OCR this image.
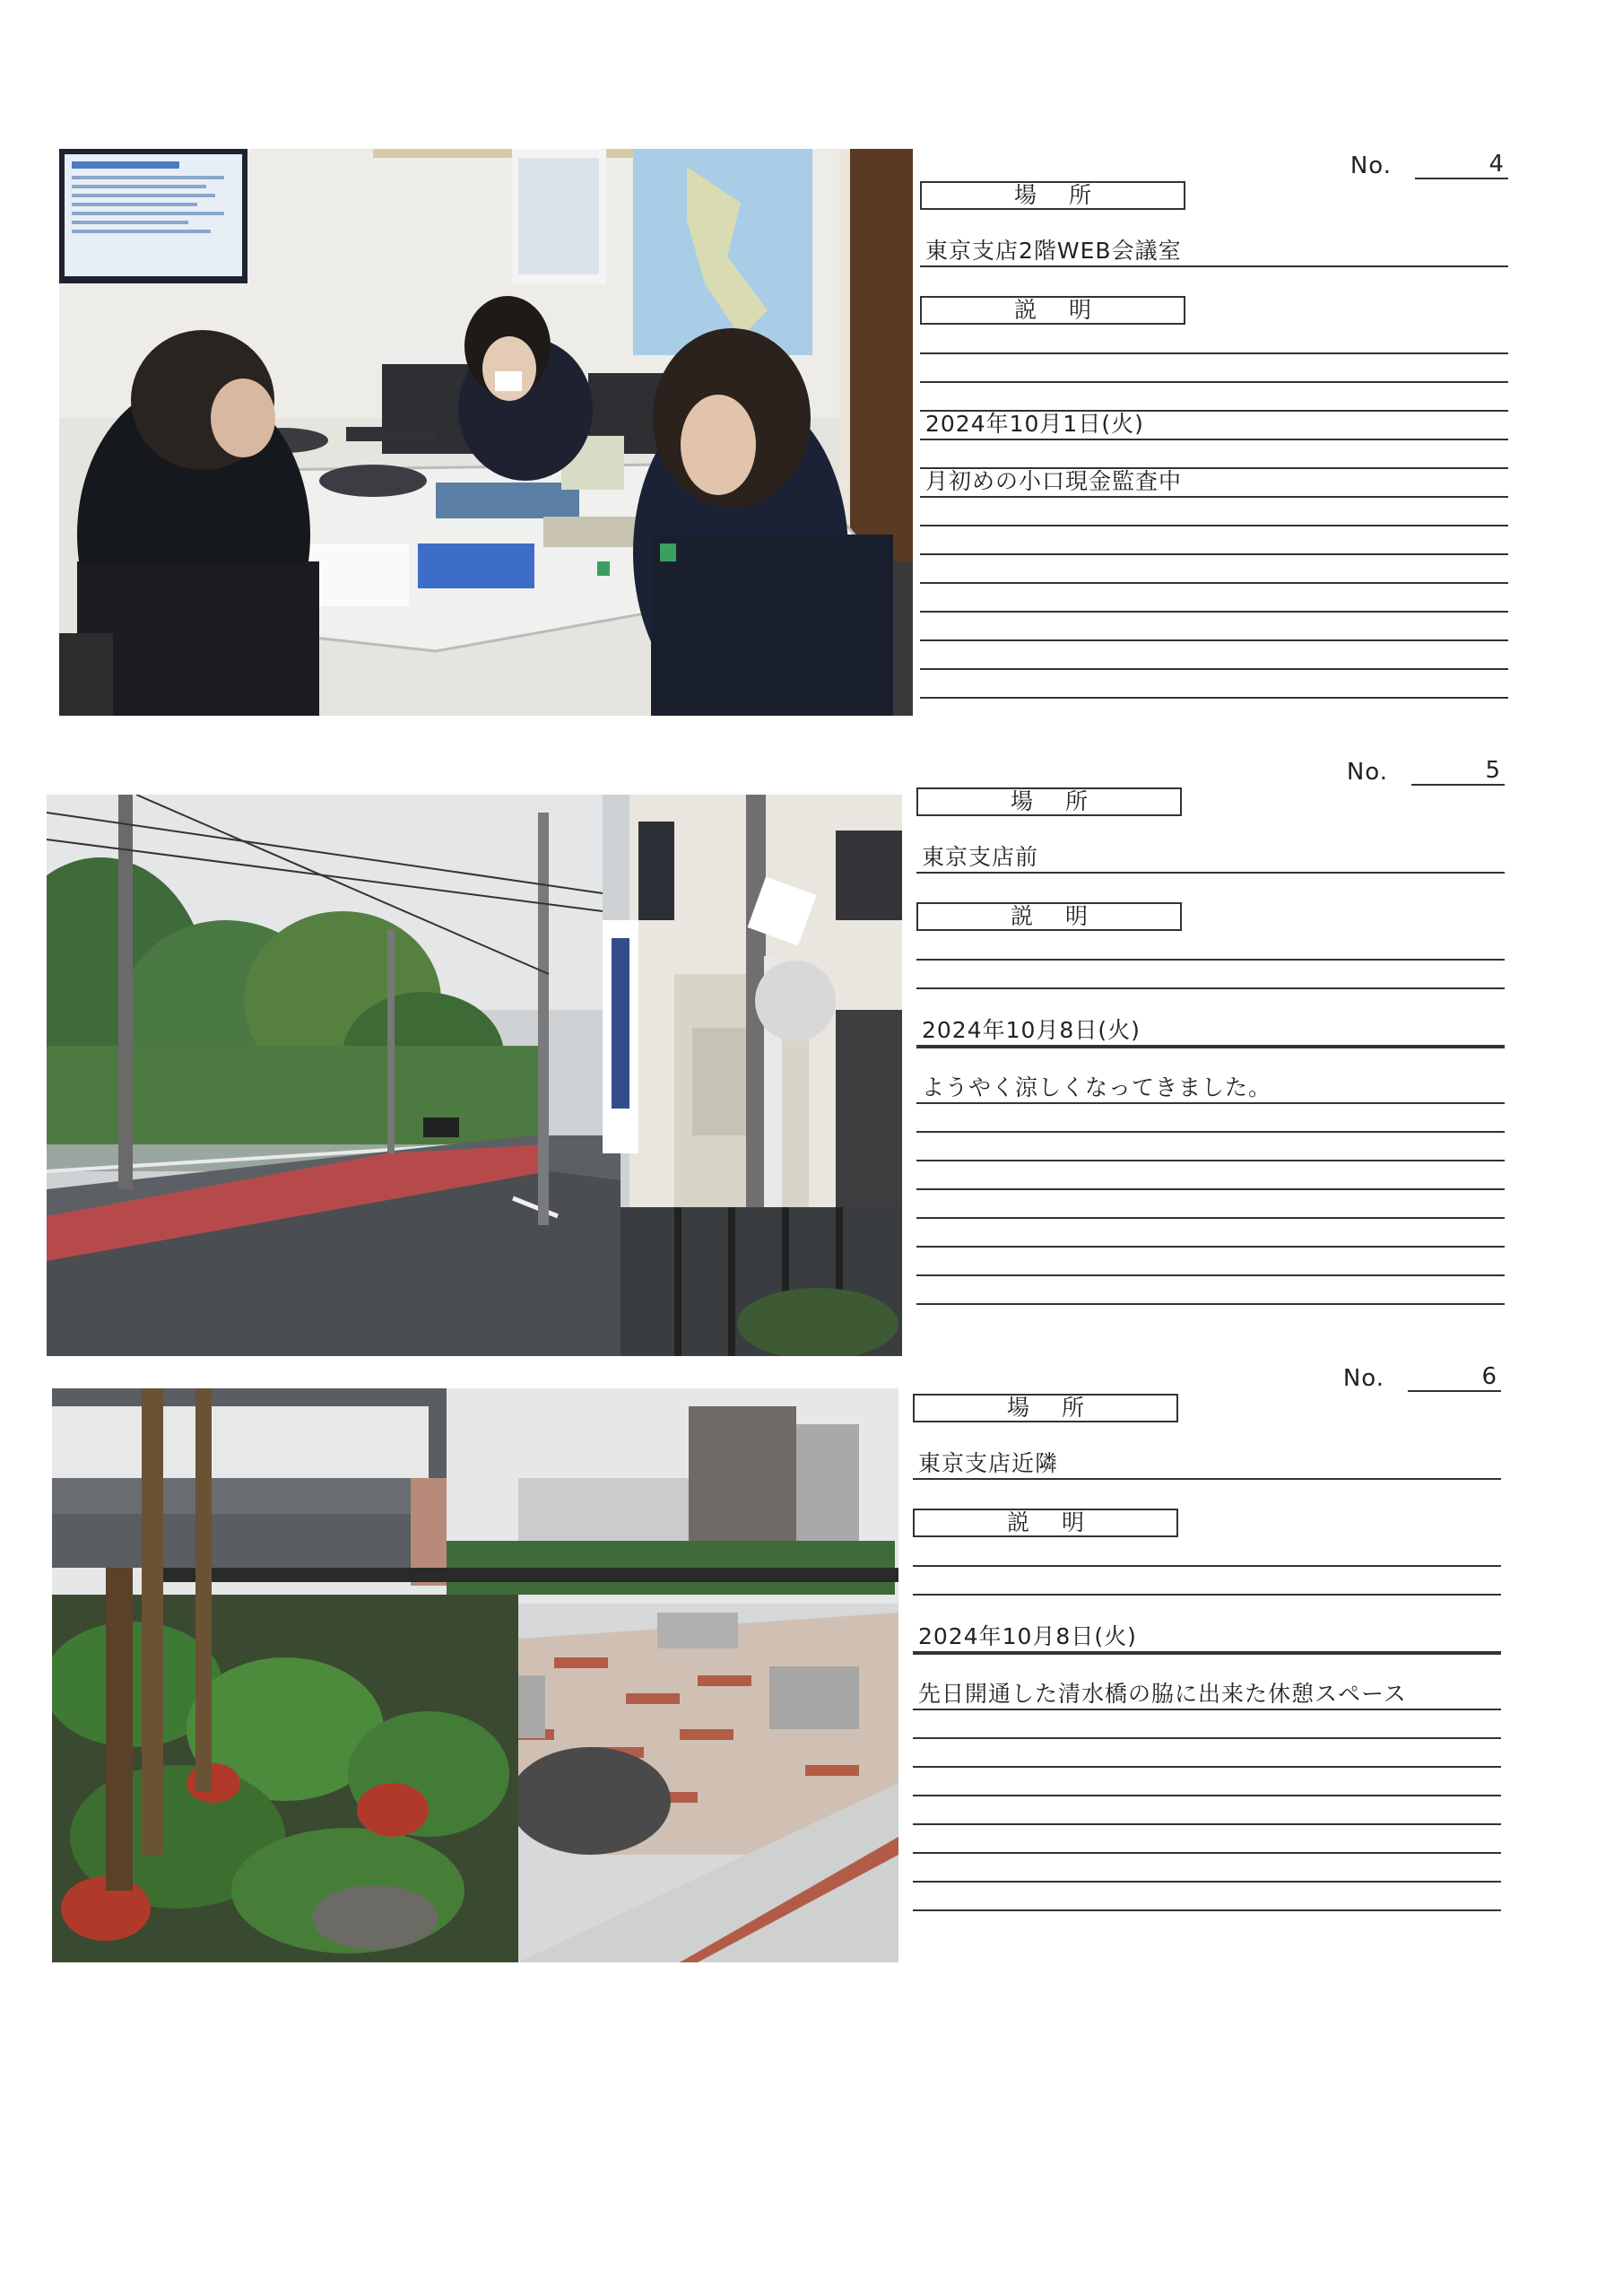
No.	4
場所
東京支店2階WEB会議室
説明
2024年10月1日(火)
月初めの小口現金監査中
No.	5
場所
東京支店前
説明
2024年10月8日(火)
ようやく涼しくなってきました。
No.	6
場所
東京支店近隣
説明
2024年10月8日(火)
先日開通した清水橋の脇に出来た休憩スペース
